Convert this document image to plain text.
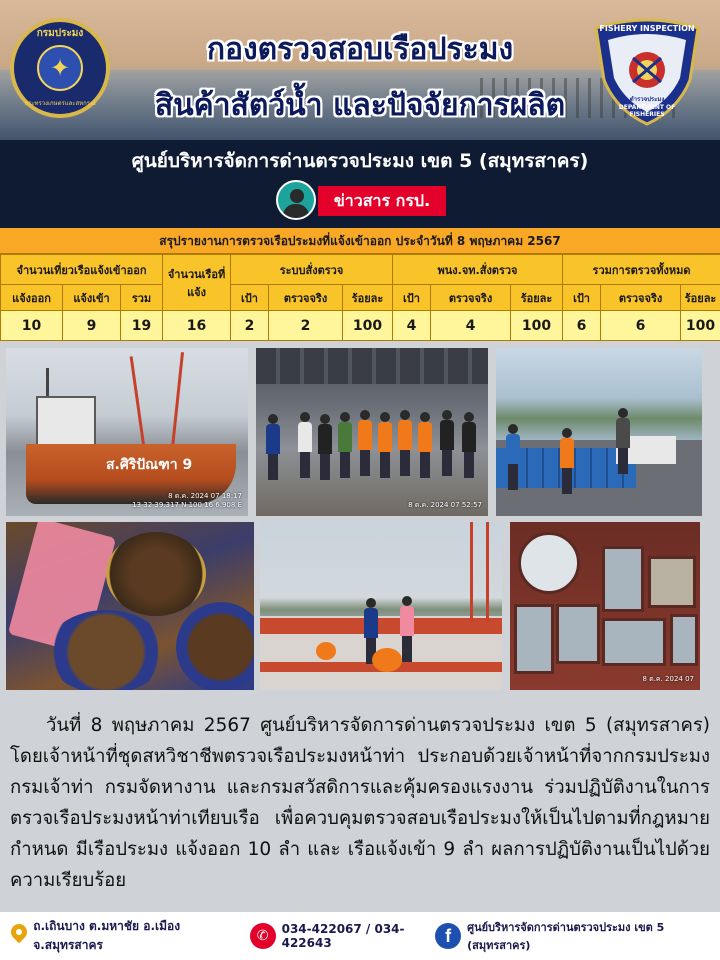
กรมประมง
✦
กระทรวงเกษตรและสหกรณ์
FISHERY INSPECTION
ตำรวจประมง
DEPARTMENT OF FISHERIES
กองตรวจสอบเรือประมง
สินค้าสัตว์น้ำ และปัจจัยการผลิต
ศูนย์บริหารจัดการด่านตรวจประมง เขต 5 (สมุทรสาคร)
ข่าวสาร กรป.
สรุปรายงานการตรวจเรือประมงที่แจ้งเข้าออก ประจำวันที่ 8 พฤษภาคม 2567
จำนวนเที่ยวเรือแจ้งเข้าออก			จำนวนเรือที่แจ้ง	ระบบสั่งตรวจ			พนง.จท.สั่งตรวจ			รวมการตรวจทั้งหมด		
แจ้งออก	แจ้งเข้า	รวม		เป้า	ตรวจจริง	ร้อยละ	เป้า	ตรวจจริง	ร้อยละ	เป้า	ตรวจจริง	ร้อยละ
10	9	19	16	2	2	100	4	4	100	6	6	100
ส.ศิริปัณฑา 9
8 ต.ค. 2024 07 18:17
13 32 39.317 N 100 16 6.908 E	8 ต.ค. 2024 07 52:57
8 ต.ค. 2024 07

วันที่ 8 พฤษภาคม 2567 ศูนย์บริหารจัดการด่านตรวจประมง เขต 5 (สมุทรสาคร) โดยเจ้าหน้าที่ชุดสหวิชาชีพตรวจเรือประมงหน้าท่า ประกอบด้วยเจ้าหน้าที่จากกรมประมง กรมเจ้าท่า กรมจัดหางาน และกรมสวัสดิการและคุ้มครองแรงงาน ร่วมปฏิบัติงานในการตรวจเรือประมงหน้าท่าเทียบเรือ เพื่อควบคุมตรวจสอบเรือประมงให้เป็นไปตามที่กฎหมายกำหนด มีเรือประมง แจ้งออก 10 ลำ และ เรือแจ้งเข้า 9 ลำ ผลการปฏิบัติงานเป็นไปด้วยความเรียบร้อย

ถ.เถินบาง ต.มหาชัย อ.เมือง จ.สมุทรสาคร
✆	034-422067 / 034-422643	f	ศูนย์บริหารจัดการด่านตรวจประมง เขต 5 (สมุทรสาคร)
